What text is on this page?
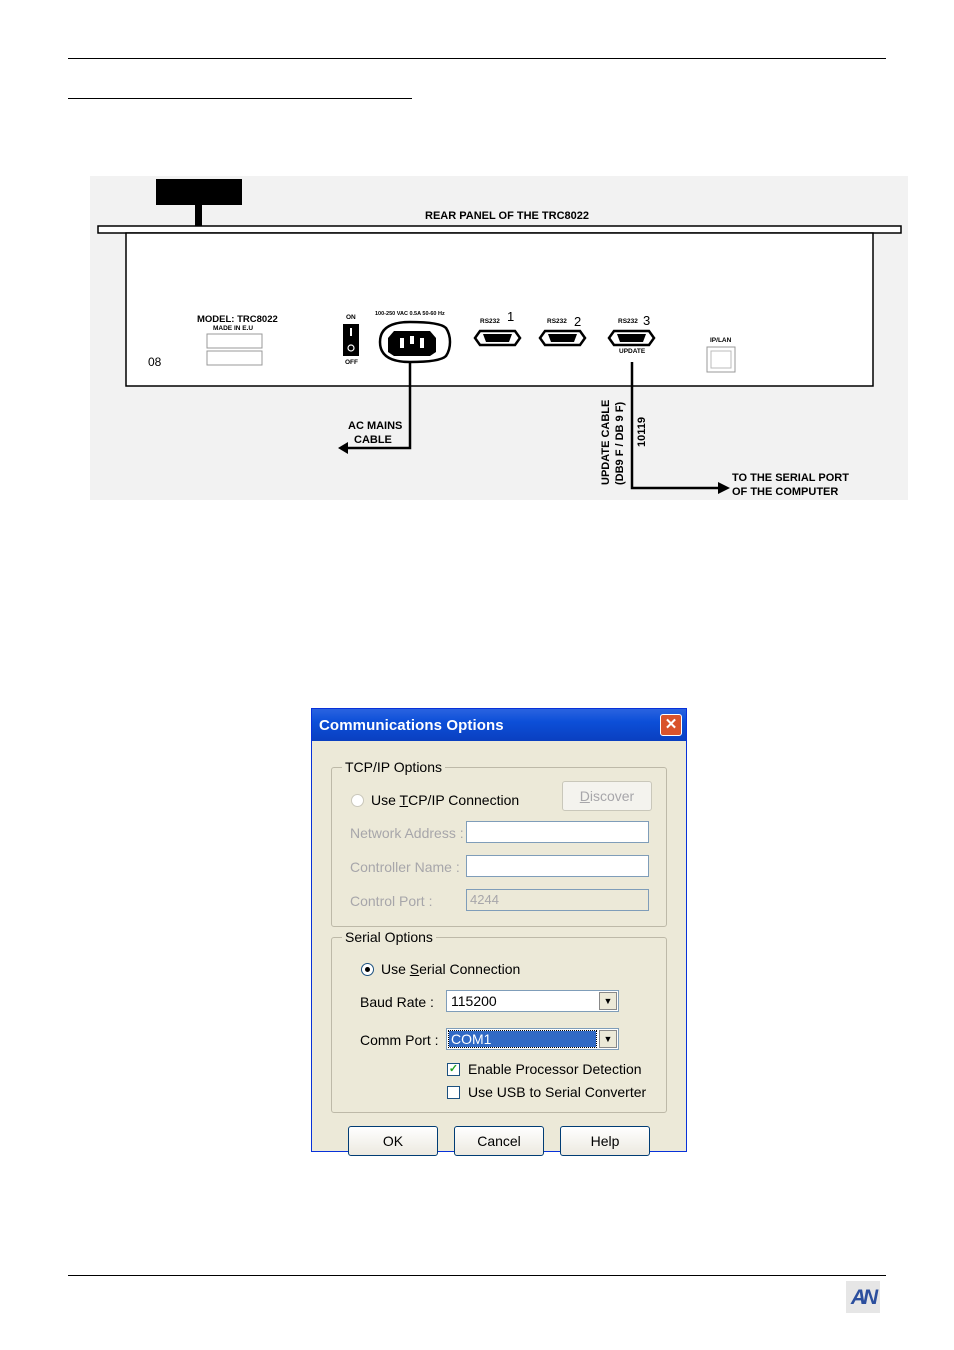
REAR PANEL OF THE TRC8022
MODEL: TRC8022
MADE IN E.U
08
ON
OFF
100-250 VAC 0.5A 50-60 Hz
RS232 1	RS232 2	RS232 3
UPDATE
IP/LAN
AC MAINS
CABLE	UPDATE CABLE (DB9 F / DB 9 F) 10119
TO THE SERIAL PORT
OF THE COMPUTER
Communications Options	✕
TCP/IP Options
Use TCP/IP Connection	Discover
Network Address :
Controller Name :
Control Port :	4244
Serial Options
Use Serial Connection
Baud Rate : 115200	▼
Comm Port : COM1	▼
✓ Enable Processor Detection
Use USB to Serial Converter
OK	Cancel	Help
AN
